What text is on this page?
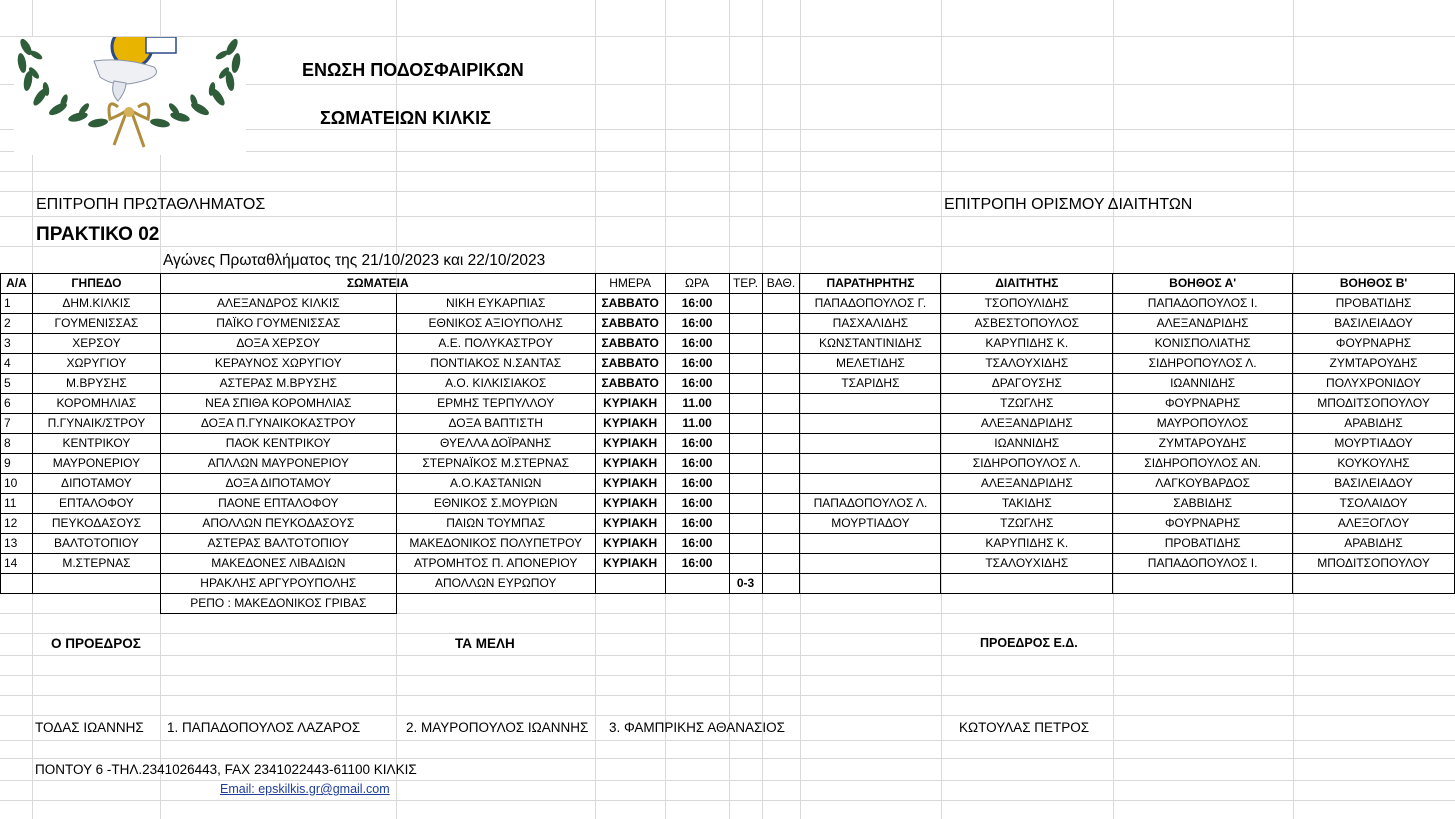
ΕΝΩΣΗ ΠΟΔΟΣΦΑΙΡΙΚΩΝ
ΣΩΜΑΤΕΙΩΝ ΚΙΛΚΙΣ
ΕΠΙΤΡΟΠΗ ΠΡΩΤΑΘΛΗΜΑΤΟΣ	ΕΠΙΤΡΟΠΗ ΟΡΙΣΜΟΥ ΔΙΑΙΤΗΤΩΝ
ΠΡΑΚΤΙΚΟ 02
Αγώνες Πρωταθλήματος της 21/10/2023 και 22/10/2023
Α/Α	ΓΗΠΕΔΟ	ΣΩΜΑΤΕΙΑ		ΗΜΕΡΑ	ΩΡΑ	ΤΕΡ.	ΒΑΘ.	ΠΑΡΑΤΗΡΗΤΗΣ	ΔΙΑΙΤΗΤΗΣ	ΒΟΗΘΟΣ Α'	ΒΟΗΘΟΣ Β'
1	ΔΗΜ.ΚΙΛΚΙΣ	ΑΛΕΞΑΝΔΡΟΣ ΚΙΛΚΙΣ	ΝΙΚΗ ΕΥΚΑΡΠΙΑΣ	ΣΑΒΒΑΤΟ	16:00			ΠΑΠΑΔΟΠΟΥΛΟΣ Γ.	ΤΣΟΠΟΥΛΙΔΗΣ	ΠΑΠΑΔΟΠΟΥΛΟΣ Ι.	ΠΡΟΒΑΤΙΔΗΣ
2	ΓΟΥΜΕΝΙΣΣΑΣ	ΠΑΪΚΟ ΓΟΥΜΕΝΙΣΣΑΣ	ΕΘΝΙΚΟΣ ΑΞΙΟΥΠΟΛΗΣ	ΣΑΒΒΑΤΟ	16:00			ΠΑΣΧΑΛΙΔΗΣ	ΑΣΒΕΣΤΟΠΟΥΛΟΣ	ΑΛΕΞΑΝΔΡΙΔΗΣ	ΒΑΣΙΛΕΙΑΔΟΥ
3	ΧΕΡΣΟΥ	ΔΟΞΑ ΧΕΡΣΟΥ	Α.Ε. ΠΟΛΥΚΑΣΤΡΟΥ	ΣΑΒΒΑΤΟ	16:00			ΚΩΝΣΤΑΝΤΙΝΙΔΗΣ	ΚΑΡΥΠΙΔΗΣ Κ.	ΚΟΝΙΣΠΟΛΙΑΤΗΣ	ΦΟΥΡΝΑΡΗΣ
4	ΧΩΡΥΓΙΟΥ	ΚΕΡΑΥΝΟΣ ΧΩΡΥΓΙΟΥ	ΠΟΝΤΙΑΚΟΣ Ν.ΣΑΝΤΑΣ	ΣΑΒΒΑΤΟ	16:00			ΜΕΛΕΤΙΔΗΣ	ΤΣΑΛΟΥΧΙΔΗΣ	ΣΙΔΗΡΟΠΟΥΛΟΣ Λ.	ΖΥΜΤΑΡΟΥΔΗΣ
5	Μ.ΒΡΥΣΗΣ	ΑΣΤΕΡΑΣ Μ.ΒΡΥΣΗΣ	Α.Ο. ΚΙΛΚΙΣΙΑΚΟΣ	ΣΑΒΒΑΤΟ	16:00			ΤΣΑΡΙΔΗΣ	ΔΡΑΓΟΥΣΗΣ	ΙΩΑΝΝΙΔΗΣ	ΠΟΛΥΧΡΟΝΙΔΟΥ
6	ΚΟΡΟΜΗΛΙΑΣ	ΝΕΑ ΣΠΙΘΑ ΚΟΡΟΜΗΛΙΑΣ	ΕΡΜΗΣ ΤΕΡΠΥΛΛΟΥ	ΚΥΡΙΑΚΗ	11.00				ΤΖΩΓΛΗΣ	ΦΟΥΡΝΑΡΗΣ	ΜΠΟΔΙΤΣΟΠΟΥΛΟΥ
7	Π.ΓΥΝΑΙΚ/ΣΤΡΟΥ	ΔΟΞΑ Π.ΓΥΝΑΙΚΟΚΑΣΤΡΟΥ	ΔΟΞΑ ΒΑΠΤΙΣΤΗ	ΚΥΡΙΑΚΗ	11.00				ΑΛΕΞΑΝΔΡΙΔΗΣ	ΜΑΥΡΟΠΟΥΛΟΣ	ΑΡΑΒΙΔΗΣ
8	ΚΕΝΤΡΙΚΟΥ	ΠΑΟΚ ΚΕΝΤΡΙΚΟΥ	ΘΥΕΛΛΑ ΔΟΪΡΑΝΗΣ	ΚΥΡΙΑΚΗ	16:00				ΙΩΑΝΝΙΔΗΣ	ΖΥΜΤΑΡΟΥΔΗΣ	ΜΟΥΡΤΙΑΔΟΥ
9	ΜΑΥΡΟΝΕΡΙΟΥ	ΑΠΛΛΩΝ ΜΑΥΡΟΝΕΡΙΟΥ	ΣΤΕΡΝΑΪΚΟΣ Μ.ΣΤΕΡΝΑΣ	ΚΥΡΙΑΚΗ	16:00				ΣΙΔΗΡΟΠΟΥΛΟΣ Λ.	ΣΙΔΗΡΟΠΟΥΛΟΣ ΑΝ.	ΚΟΥΚΟΥΛΗΣ
10	ΔΙΠΟΤΑΜΟΥ	ΔΟΞΑ ΔΙΠΟΤΑΜΟΥ	Α.Ο.ΚΑΣΤΑΝΙΩΝ	ΚΥΡΙΑΚΗ	16:00				ΑΛΕΞΑΝΔΡΙΔΗΣ	ΛΑΓΚΟΥΒΑΡΔΟΣ	ΒΑΣΙΛΕΙΑΔΟΥ
11	ΕΠΤΑΛΟΦΟΥ	ΠΑΟΝΕ ΕΠΤΑΛΟΦΟΥ	ΕΘΝΙΚΟΣ Σ.ΜΟΥΡΙΩΝ	ΚΥΡΙΑΚΗ	16:00			ΠΑΠΑΔΟΠΟΥΛΟΣ Λ.	ΤΑΚΙΔΗΣ	ΣΑΒΒΙΔΗΣ	ΤΣΟΛΑΙΔΟΥ
12	ΠΕΥΚΟΔΑΣΟΥΣ	ΑΠΟΛΛΩΝ ΠΕΥΚΟΔΑΣΟΥΣ	ΠΑΙΩΝ ΤΟΥΜΠΑΣ	ΚΥΡΙΑΚΗ	16:00			ΜΟΥΡΤΙΑΔΟΥ	ΤΖΩΓΛΗΣ	ΦΟΥΡΝΑΡΗΣ	ΑΛΕΞΟΓΛΟΥ
13	ΒΑΛΤΟΤΟΠΙΟΥ	ΑΣΤΕΡΑΣ ΒΑΛΤΟΤΟΠΙΟΥ	ΜΑΚΕΔΟΝΙΚΟΣ ΠΟΛΥΠΕΤΡΟΥ	ΚΥΡΙΑΚΗ	16:00				ΚΑΡΥΠΙΔΗΣ Κ.	ΠΡΟΒΑΤΙΔΗΣ	ΑΡΑΒΙΔΗΣ
14	Μ.ΣΤΕΡΝΑΣ	ΜΑΚΕΔΟΝΕΣ ΛΙΒΑΔΙΩΝ	ΑΤΡΟΜΗΤΟΣ Π. ΑΠΟΝΕΡΙΟΥ	ΚΥΡΙΑΚΗ	16:00				ΤΣΑΛΟΥΧΙΔΗΣ	ΠΑΠΑΔΟΠΟΥΛΟΣ Ι.	ΜΠΟΔΙΤΣΟΠΟΥΛΟΥ
		ΗΡΑΚΛΗΣ ΑΡΓΥΡΟΥΠΟΛΗΣ	ΑΠΟΛΛΩΝ ΕΥΡΩΠΟΥ			0-3					
		ΡΕΠΟ : ΜΑΚΕΔΟΝΙΚΟΣ ΓΡΙΒΑΣ									
Ο ΠΡΟΕΔΡΟΣ	ΤΑ ΜΕΛΗ	ΠΡΟΕΔΡΟΣ Ε.Δ.
ΤΟΔΑΣ ΙΩΑΝΝΗΣ 1. ΠΑΠΑΔΟΠΟΥΛΟΣ ΛΑΖΑΡΟΣ	2. ΜΑΥΡΟΠΟΥΛΟΣ ΙΩΑΝΝΗΣ 3. ΦΑΜΠΡΙΚΗΣ ΑΘΑΝΑΣΙΟΣ	ΚΩΤΟΥΛΑΣ ΠΕΤΡΟΣ
ΠΟΝΤΟΥ 6 -ΤΗΛ.2341026443, FAX 2341022443-61100 ΚΙΛΚΙΣ
Email: epskilkis.gr@gmail.com
